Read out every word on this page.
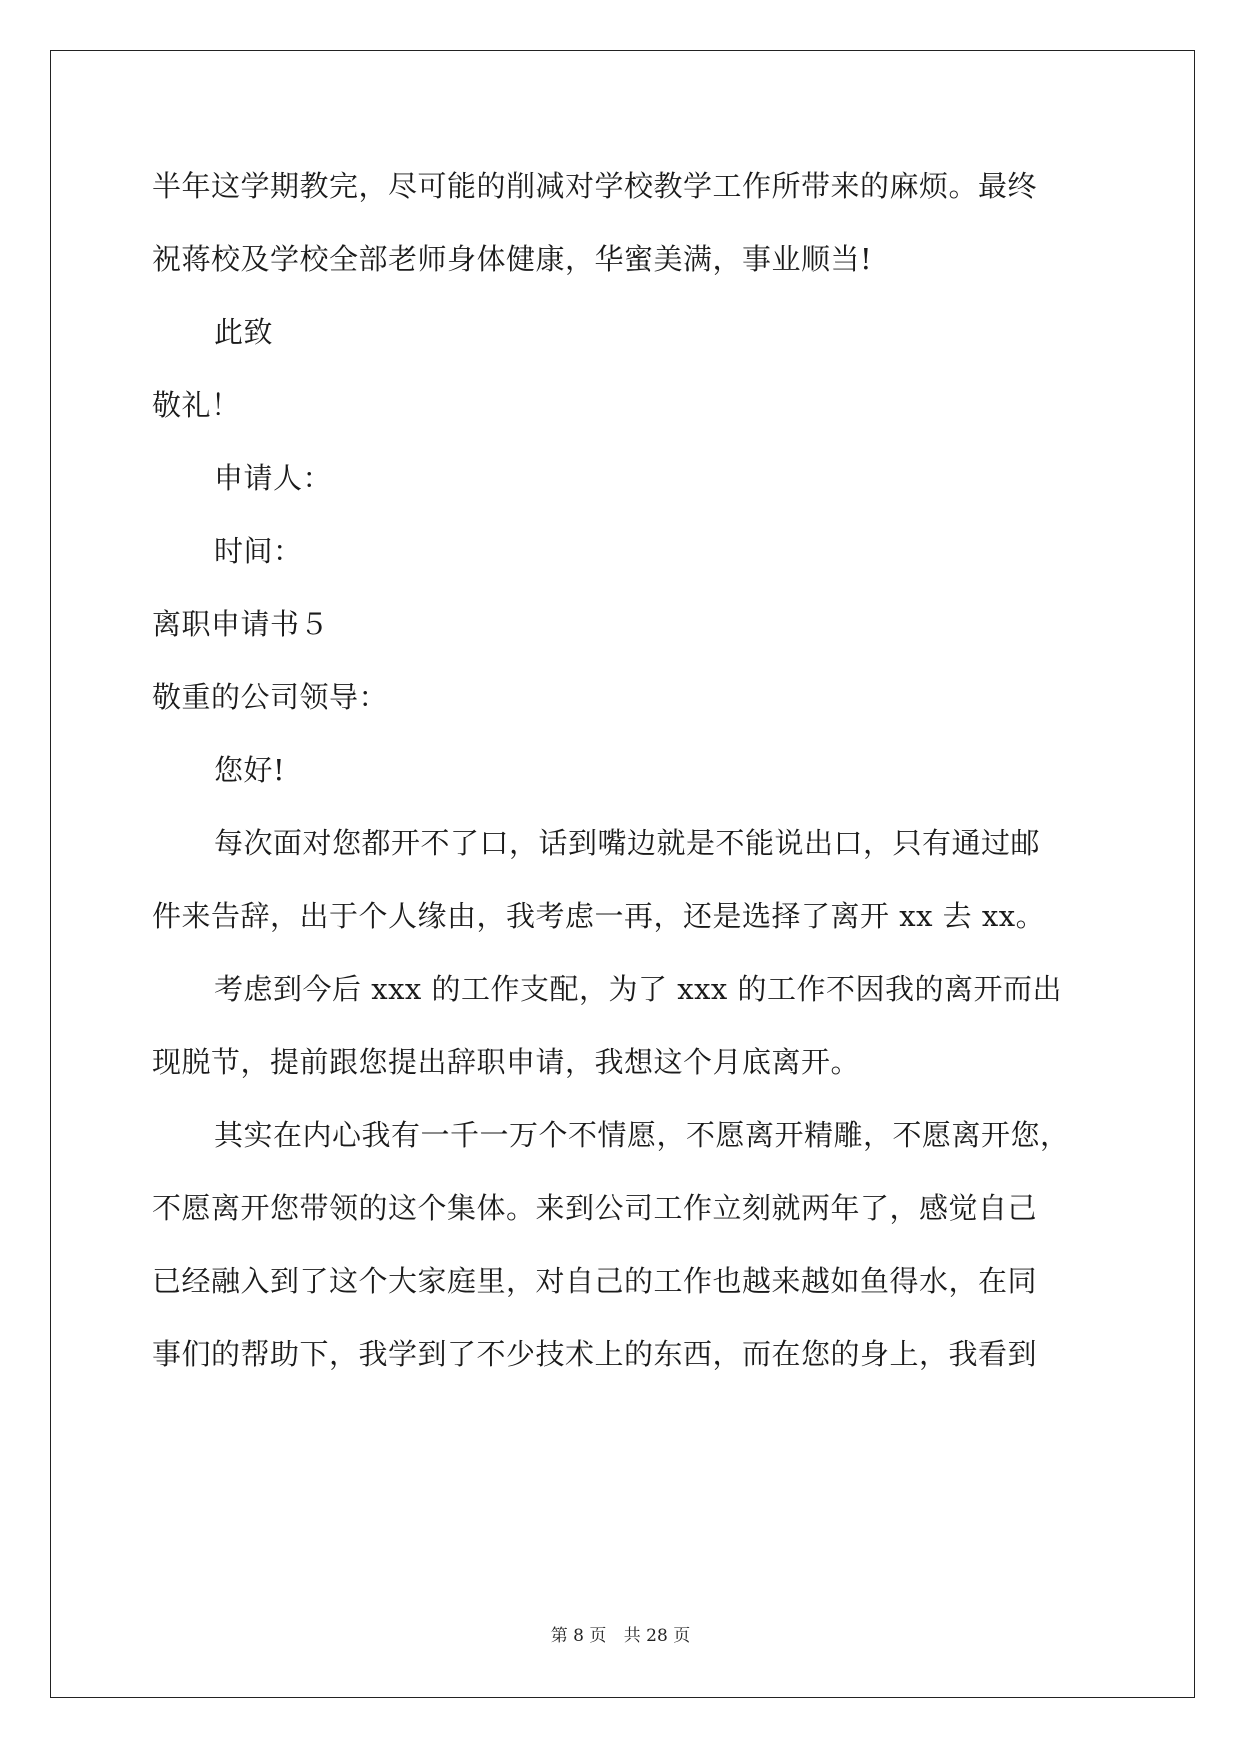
半年这学期教完，尽可能的削减对学校教学工作所带来的麻烦。最终
祝蒋校及学校全部老师身体健康，华蜜美满，事业顺当!
此致
敬礼！
申请人：
时间：
离职申请书５
敬重的公司领导：
您好!
每次面对您都开不了口，话到嘴边就是不能说出口，只有通过邮
件来告辞，出于个人缘由，我考虑一再，还是选择了离开 xx 去 xx。
考虑到今后 xxx 的工作支配，为了 xxx 的工作不因我的离开而出
现脱节，提前跟您提出辞职申请，我想这个月底离开。
其实在内心我有一千一万个不情愿，不愿离开精雕，不愿离开您，
不愿离开您带领的这个集体。来到公司工作立刻就两年了，感觉自己
已经融入到了这个大家庭里，对自己的工作也越来越如鱼得水，在同
事们的帮助下，我学到了不少技术上的东西，而在您的身上，我看到
第 8 页 共 28 页
